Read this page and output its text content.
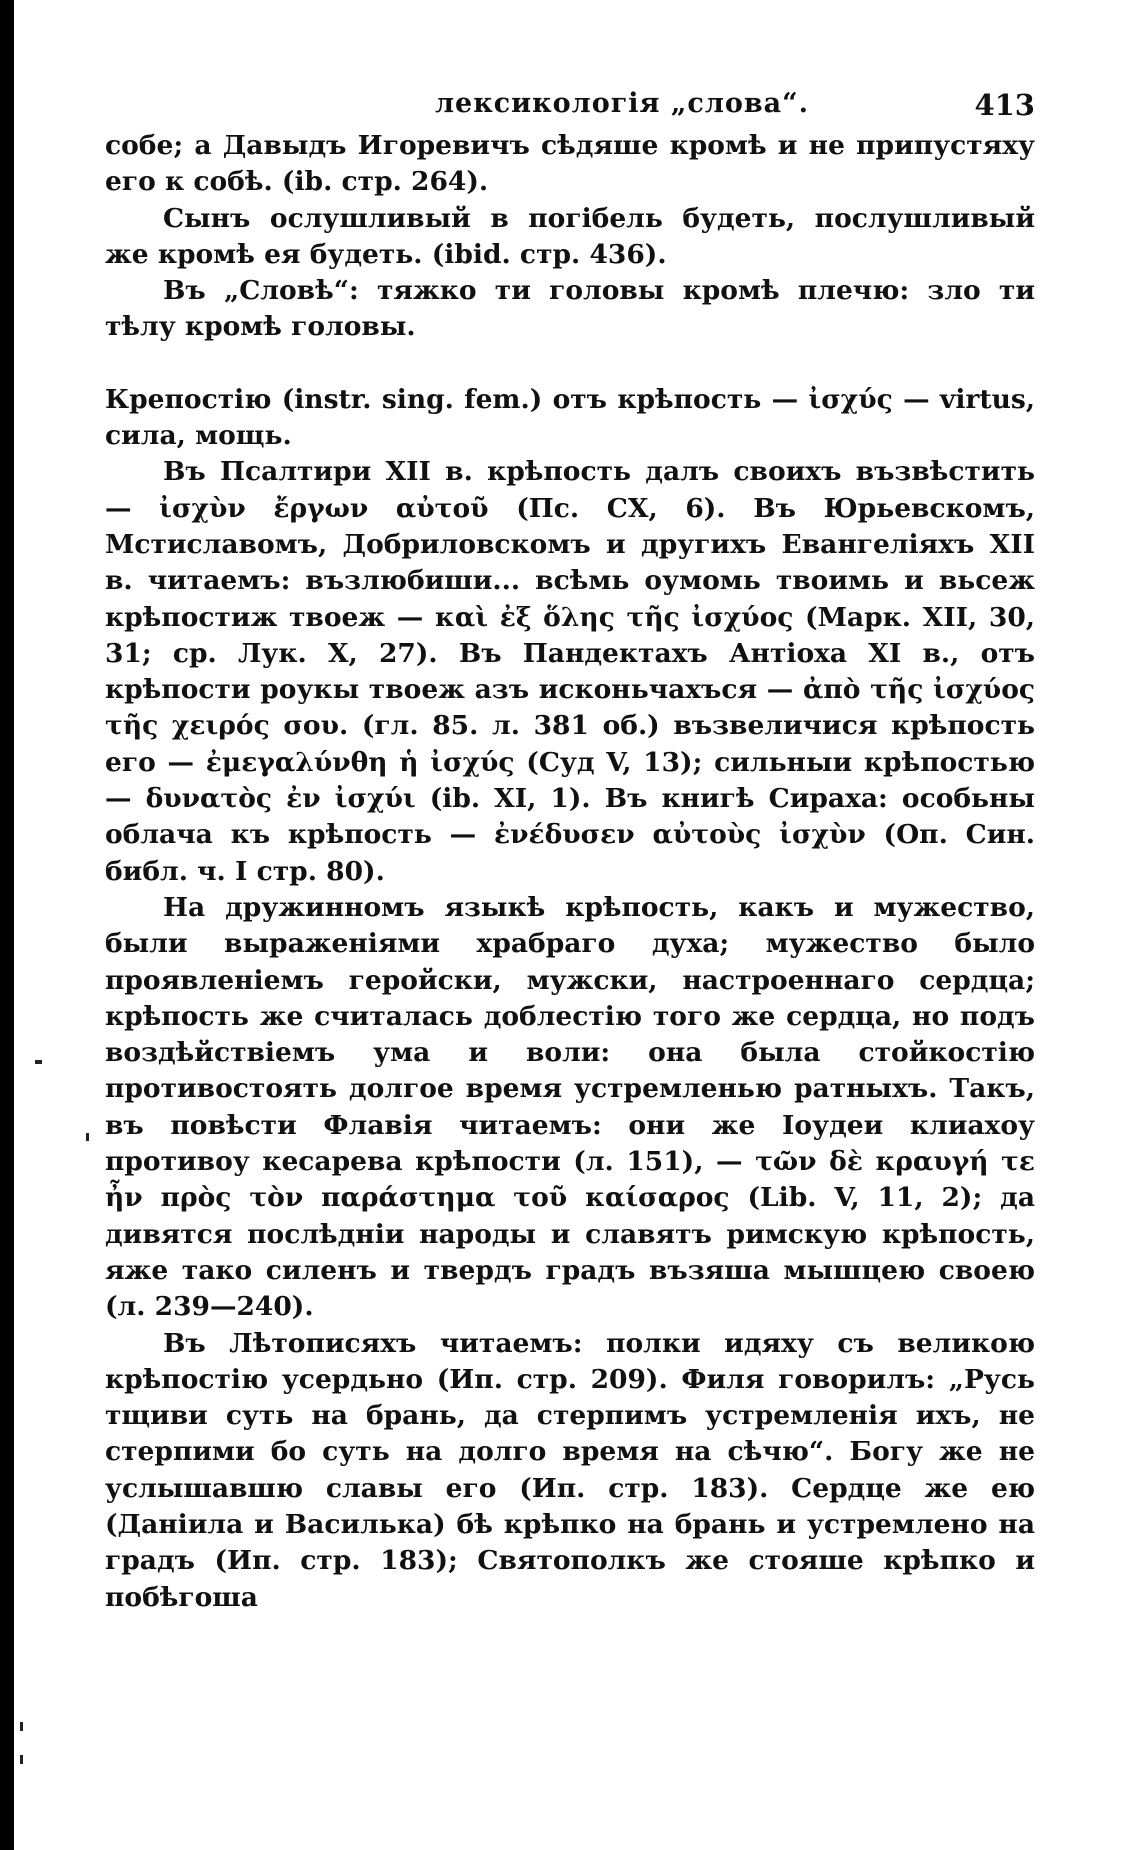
лексикологія „слова“.	413

собе; а Давыдъ Игоревичъ сѣдяше кромѣ и не припустяху его к собѣ. (ib. стр. 264).

Сынъ ослушливый в погібель будеть, послушливый же кромѣ ея будеть. (ibid. стр. 436).

Въ „Словѣ“: тяжко ти головы кромѣ плечю: зло ти тѣлу кромѣ головы.

Крепостію (instr. sing. fem.) отъ крѣпость — ἰσχύς — virtus, сила, мощь.

Въ Псалтири XII в. крѣпость далъ своихъ възвѣстить — ἰσχὺν ἔργων αὐτοῦ (Пс. CX, 6). Въ Юрьевскомъ, Мстиславомъ, Добриловскомъ и другихъ Евангеліяхъ XII в. читаемъ: възлюбиши... всѣмь оумомь твоимь и вьсеж крѣпостиж твоеж — καὶ ἐξ ὅλης τῆς ἰσχύος (Марк. XII, 30, 31; ср. Лук. X, 27). Въ Пандектахъ Антіоха XI в., отъ крѣпости роукы твоеж азъ исконьчахъся — ἀπὸ τῆς ἰσχύος τῆς χειρός σου. (гл. 85. л. 381 об.) възвеличися крѣпость его — ἐμεγαλύνθη ἡ ἰσχύς (Суд V, 13); сильныи крѣпостью — δυνατὸς ἐν ἰσχύι (ib. XI, 1). Въ книгѣ Сираха: особьны облача къ крѣпость — ἐνέδυσεν αὐτοὺς ἰσχὺν (Оп. Син. библ. ч. I стр. 80).

На дружинномъ языкѣ крѣпость, какъ и мужество, были выраженіями храбраго духа; мужество было проявленіемъ геройски, мужски, настроеннаго сердца; крѣпость же считалась доблестію того же сердца, но подъ воздѣйствіемъ ума и воли: она была стойкостію противостоять долгое время устремленью ратныхъ. Такъ, въ повѣсти Флавія читаемъ: они же Іоудеи клиахоу противоу кесарева крѣпости (л. 151), — τῶν δὲ κραυγή τε ἦν πρὸς τὸν παράστημα τοῦ καίσαρος (Lib. V, 11, 2); да дивятся послѣдніи народы и славятъ римскую крѣпость, яже тако силенъ и твердъ градъ възяша мышцею своею (л. 239—240).

Въ Лѣтописяхъ читаемъ: полки идяху съ великою крѣпостію усердьно (Ип. стр. 209). Филя говорилъ: „Русь тщиви суть на брань, да стерпимъ устремленія ихъ, не стерпими бо суть на долго время на сѣчю“. Богу же не услышавшю славы его (Ип. стр. 183). Сердце же ею (Даніила и Василька) бѣ крѣпко на брань и устремлено на градъ (Ип. стр. 183); Святополкъ же стояше крѣпко и побѣгоша
